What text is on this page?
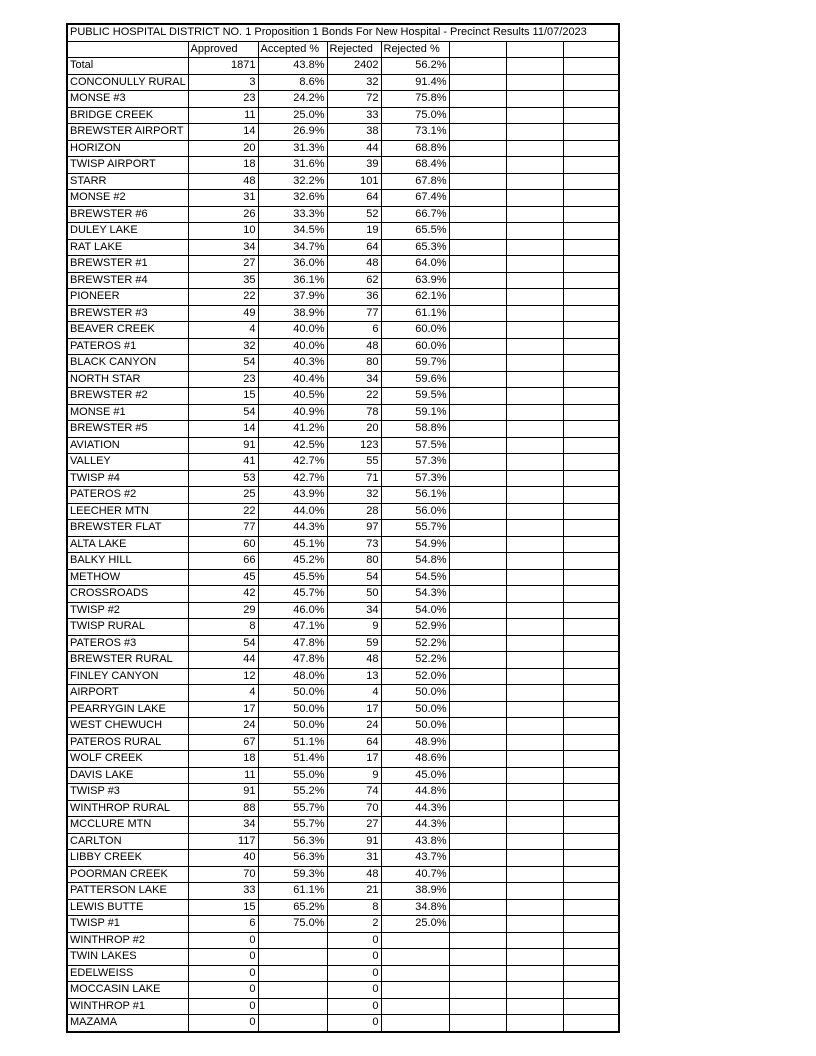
PUBLIC HOSPITAL DISTRICT NO. 1 Proposition 1 Bonds For New Hospital - Precinct Results 11/07/2023							
	Approved	Accepted %	Rejected	Rejected %			
Total	1871	43.8%	2402	56.2%			
CONCONULLY RURAL	3	8.6%	32	91.4%			
MONSE #3	23	24.2%	72	75.8%			
BRIDGE CREEK	11	25.0%	33	75.0%			
BREWSTER AIRPORT	14	26.9%	38	73.1%			
HORIZON	20	31.3%	44	68.8%			
TWISP AIRPORT	18	31.6%	39	68.4%			
STARR	48	32.2%	101	67.8%			
MONSE #2	31	32.6%	64	67.4%			
BREWSTER #6	26	33.3%	52	66.7%			
DULEY LAKE	10	34.5%	19	65.5%			
RAT LAKE	34	34.7%	64	65.3%			
BREWSTER #1	27	36.0%	48	64.0%			
BREWSTER #4	35	36.1%	62	63.9%			
PIONEER	22	37.9%	36	62.1%			
BREWSTER #3	49	38.9%	77	61.1%			
BEAVER CREEK	4	40.0%	6	60.0%			
PATEROS #1	32	40.0%	48	60.0%			
BLACK CANYON	54	40.3%	80	59.7%			
NORTH STAR	23	40.4%	34	59.6%			
BREWSTER #2	15	40.5%	22	59.5%			
MONSE #1	54	40.9%	78	59.1%			
BREWSTER #5	14	41.2%	20	58.8%			
AVIATION	91	42.5%	123	57.5%			
VALLEY	41	42.7%	55	57.3%			
TWISP #4	53	42.7%	71	57.3%			
PATEROS #2	25	43.9%	32	56.1%			
LEECHER MTN	22	44.0%	28	56.0%			
BREWSTER FLAT	77	44.3%	97	55.7%			
ALTA LAKE	60	45.1%	73	54.9%			
BALKY HILL	66	45.2%	80	54.8%			
METHOW	45	45.5%	54	54.5%			
CROSSROADS	42	45.7%	50	54.3%			
TWISP #2	29	46.0%	34	54.0%			
TWISP RURAL	8	47.1%	9	52.9%			
PATEROS #3	54	47.8%	59	52.2%			
BREWSTER RURAL	44	47.8%	48	52.2%			
FINLEY CANYON	12	48.0%	13	52.0%			
AIRPORT	4	50.0%	4	50.0%			
PEARRYGIN LAKE	17	50.0%	17	50.0%			
WEST CHEWUCH	24	50.0%	24	50.0%			
PATEROS RURAL	67	51.1%	64	48.9%			
WOLF CREEK	18	51.4%	17	48.6%			
DAVIS LAKE	11	55.0%	9	45.0%			
TWISP #3	91	55.2%	74	44.8%			
WINTHROP RURAL	88	55.7%	70	44.3%			
MCCLURE MTN	34	55.7%	27	44.3%			
CARLTON	117	56.3%	91	43.8%			
LIBBY CREEK	40	56.3%	31	43.7%			
POORMAN CREEK	70	59.3%	48	40.7%			
PATTERSON LAKE	33	61.1%	21	38.9%			
LEWIS BUTTE	15	65.2%	8	34.8%			
TWISP #1	6	75.0%	2	25.0%			
WINTHROP #2	0		0				
TWIN LAKES	0		0				
EDELWEISS	0		0				
MOCCASIN LAKE	0		0				
WINTHROP #1	0		0				
MAZAMA	0		0				
